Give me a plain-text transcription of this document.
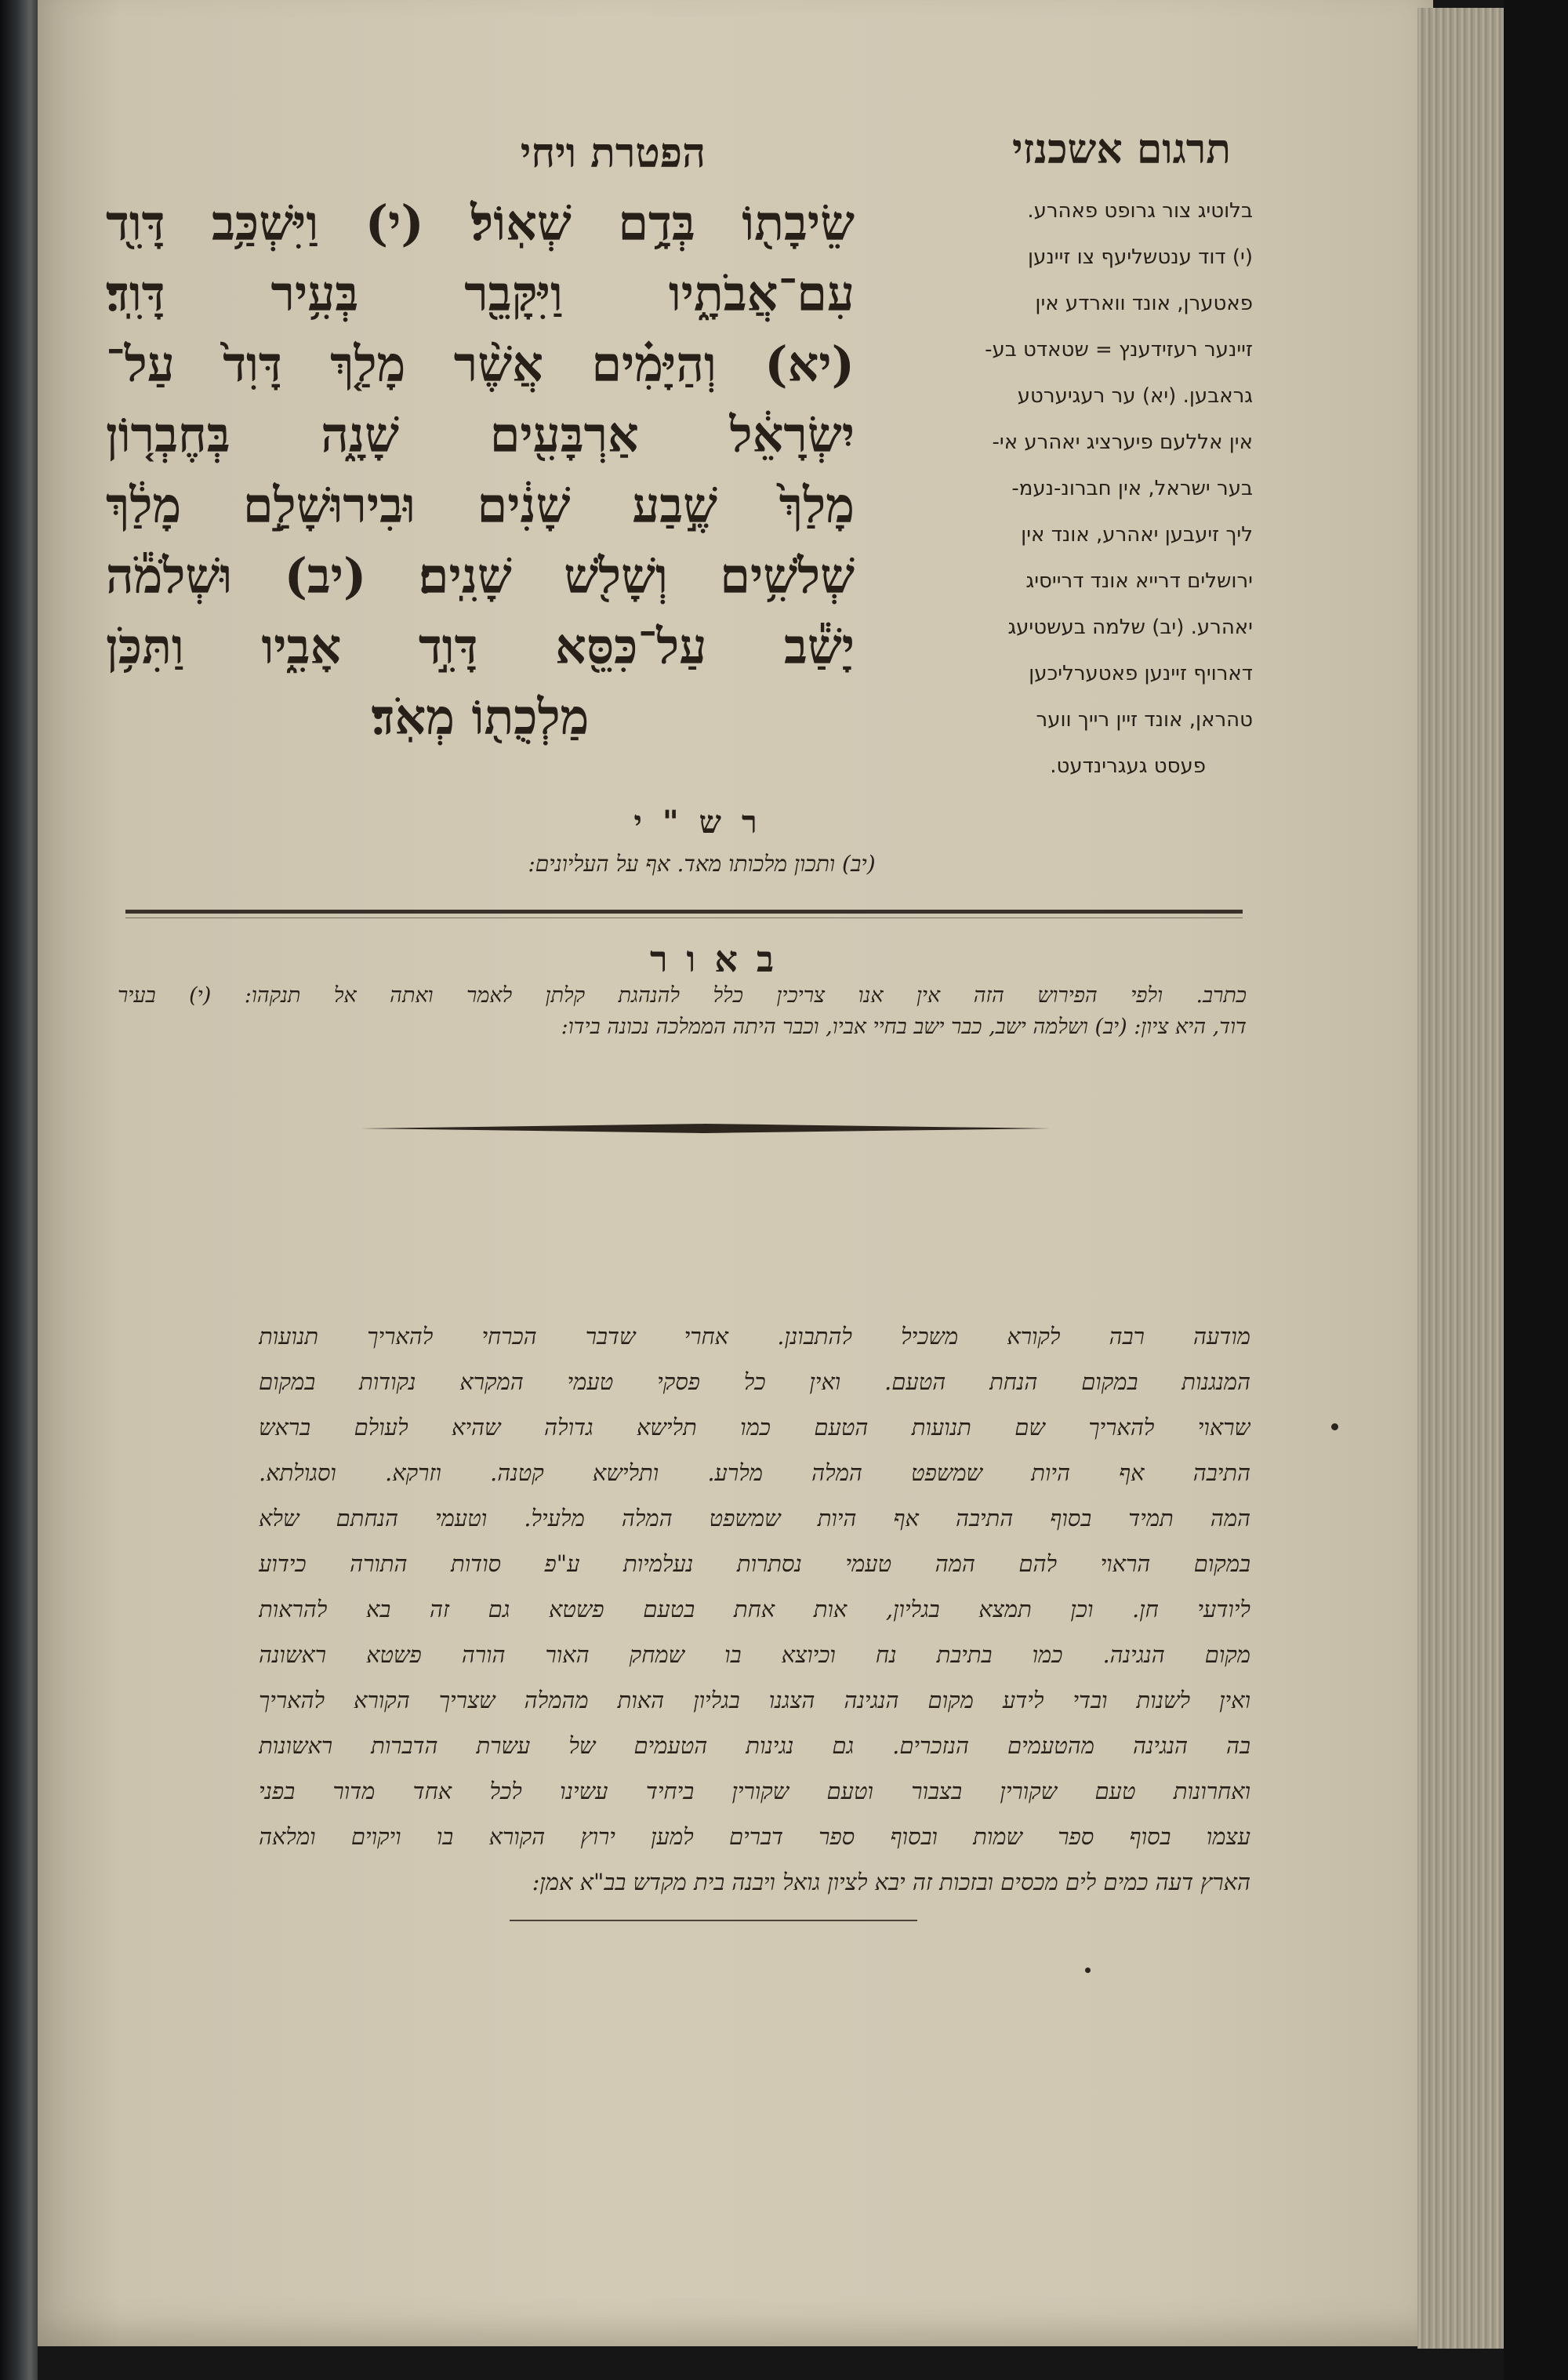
תרגום אשכנזי
הפטרת ויחי
בלוטיג צור גרופט פאהרע.
(י) דוד ענטשליעף צו זיינען
פאטערן, אונד ווארדע אין
זיינער רעזידענץ = שטאדט בע-
גראבען. (יא) ער רעגיערטע
אין אללעם פיערציג יאהרע אי-
בער ישראל, אין חברונ-נעמ-
ליך זיעבען יאהרע, אונד אין
ירושלים דרייא אונד דרייסיג
יאהרע. (יב) שלמה בעשטיעג
דארויף זיינען פאטערליכען
טהראן, אונד זיין רייך ווער
פעסט געגרינדעט.
שֵׂיבָת֖וֹ בְּדָ֥ם שְׁאֽוֹל׃ (י) וַיִּשְׁכַּ֥ב דָּוִ֖ד
עִם־אֲבֹתָ֑יו וַיִּקָּבֵ֖ר בְּעִ֥יר דָּוִֽד׃
(יא) וְהַיָּמִ֗ים אֲשֶׁ֨ר מָלַ֤ךְ דָּוִד֙ עַל־
יִשְׂרָאֵ֔ל אַרְבָּעִ֖ים שָׁנָ֑ה בְּחֶבְר֤וֹן
מָלַךְ֙ שֶׁ֣בַע שָׁנִ֔ים וּבִירוּשָׁלִַ֣ם מָלַ֔ךְ
שְׁלֹשִׁ֥ים וְשָׁלֹ֖שׁ שָׁנִֽים׃ (יב) וּשְׁלֹמֹ֕ה
יָשַׁ֕ב עַל־כִּסֵּ֖א דָּוִ֣ד אָבִ֑יו וַתִּכֹּ֥ן
מַלְכֻת֖וֹ מְאֹֽד׃
רש"י
(יב) ותכון מלכותו מאד. אף על העליונים:
באור
כתרב. ולפי הפירוש הזה אין אנו צריכין כלל להנהגת קלתן לאמר ואתה אל תנקהו: (י) בעיר
דוד, היא ציון: (יב) ושלמה ישב, כבר ישב בחיי אביו, וכבר היתה הממלכה נכונה בידו:
מודעה רבה לקורא משכיל להתבונן. אחרי שדבר הכרחי להאריך תנועות
המנגנות במקום הנחת הטעם. ואין כל פסקי טעמי המקרא נקודות במקום
שראוי להאריך שם תנועות הטעם כמו תלישא גדולה שהיא לעולם בראש
התיבה אף היות שמשפט המלה מלרע. ותלישא קטנה. וזרקא. וסגולתא.
המה תמיד בסוף התיבה אף היות שמשפט המלה מלעיל. וטעמי הנחתם שלא
במקום הראוי להם המה טעמי נסתרות נעלמיות ע"פ סודות התורה כידוע
ליודעי חן. וכן תמצא בגליון, אות אחת בטעם פשטא גם זה בא להראות
מקום הנגינה. כמו בתיבת נח וכיוצא בו שמחק האור הורה פשטא ראשונה
ואין לשנות ובדי לידע מקום הנגינה הצגנו בגליון האות מהמלה שצריך הקורא להאריך
בה הנגינה מהטעמים הנזכרים. גם נגינות הטעמים של עשרת הדברות ראשונות
ואחרונות טעם שקורין בצבור וטעם שקורין ביחיד עשינו לכל אחד מדור בפני
עצמו בסוף ספר שמות ובסוף ספר דברים למען ירוץ הקורא בו ויקוים ומלאה
הארץ דעה כמים לים מכסים ובזכות זה יבא לציון גואל ויבנה בית מקדש בב"א אמן:
